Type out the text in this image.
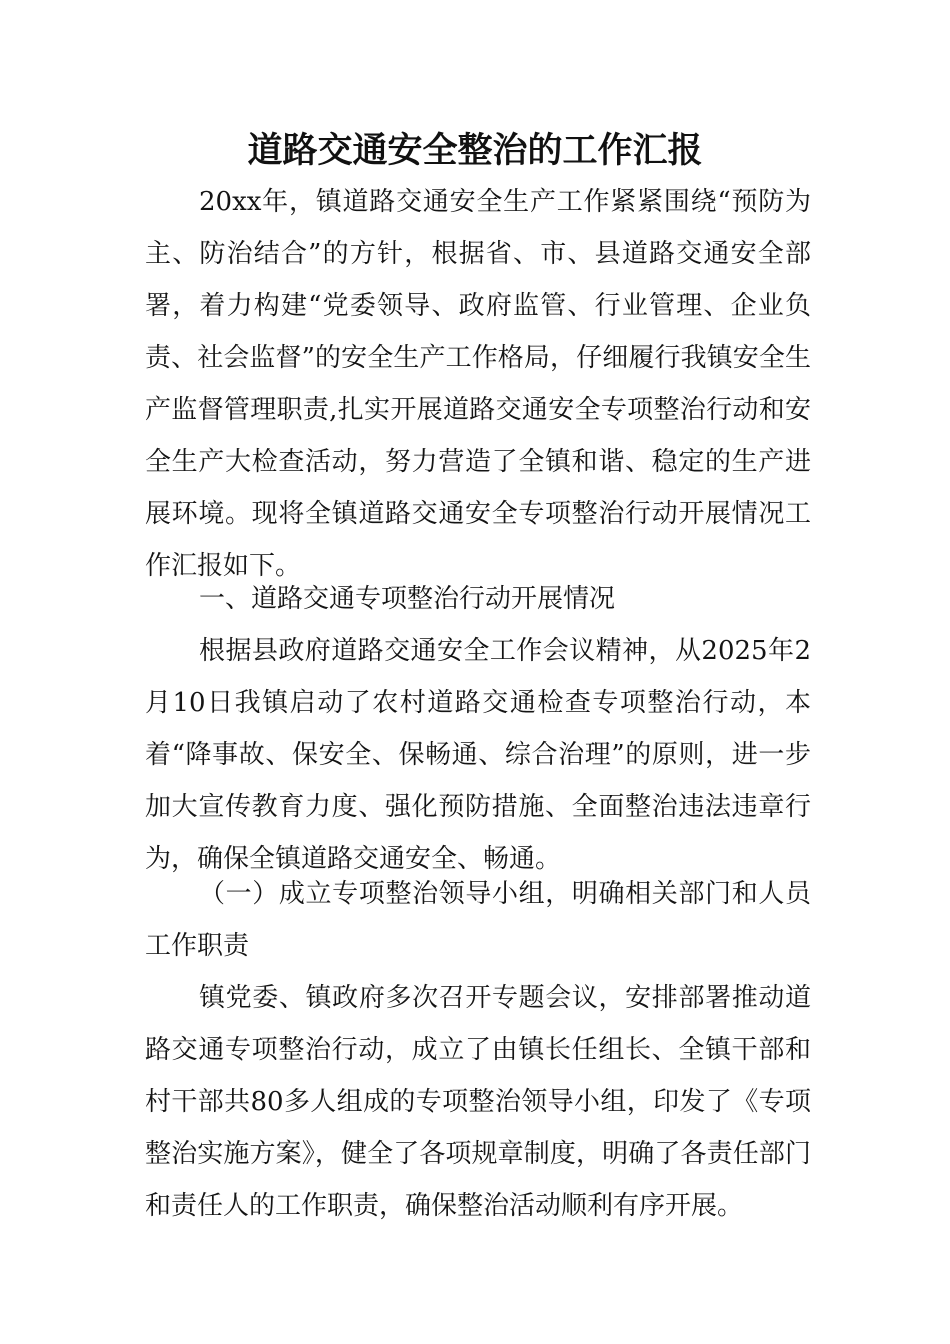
道路交通安全整治的工作汇报

20xx年，镇道路交通安全生产工作紧紧围绕“预防为主、防治结合”的方针，根据省、市、县道路交通安全部署，着力构建“党委领导、政府监管、行业管理、企业负责、社会监督”的安全生产工作格局，仔细履行我镇安全生产监督管理职责,扎实开展道路交通安全专项整治行动和安全生产大检查活动，努力营造了全镇和谐、稳定的生产进展环境。现将全镇道路交通安全专项整治行动开展情况工作汇报如下。

一、道路交通专项整治行动开展情况

根据县政府道路交通安全工作会议精神，从2025年2月10日我镇启动了农村道路交通检查专项整治行动，本着“降事故、保安全、保畅通、综合治理”的原则，进一步加大宣传教育力度、强化预防措施、全面整治违法违章行为，确保全镇道路交通安全、畅通。

（一）成立专项整治领导小组，明确相关部门和人员工作职责

镇党委、镇政府多次召开专题会议，安排部署推动道路交通专项整治行动，成立了由镇长任组长、全镇干部和村干部共80多人组成的专项整治领导小组，印发了《专项整治实施方案》，健全了各项规章制度，明确了各责任部门和责任人的工作职责，确保整治活动顺利有序开展。
